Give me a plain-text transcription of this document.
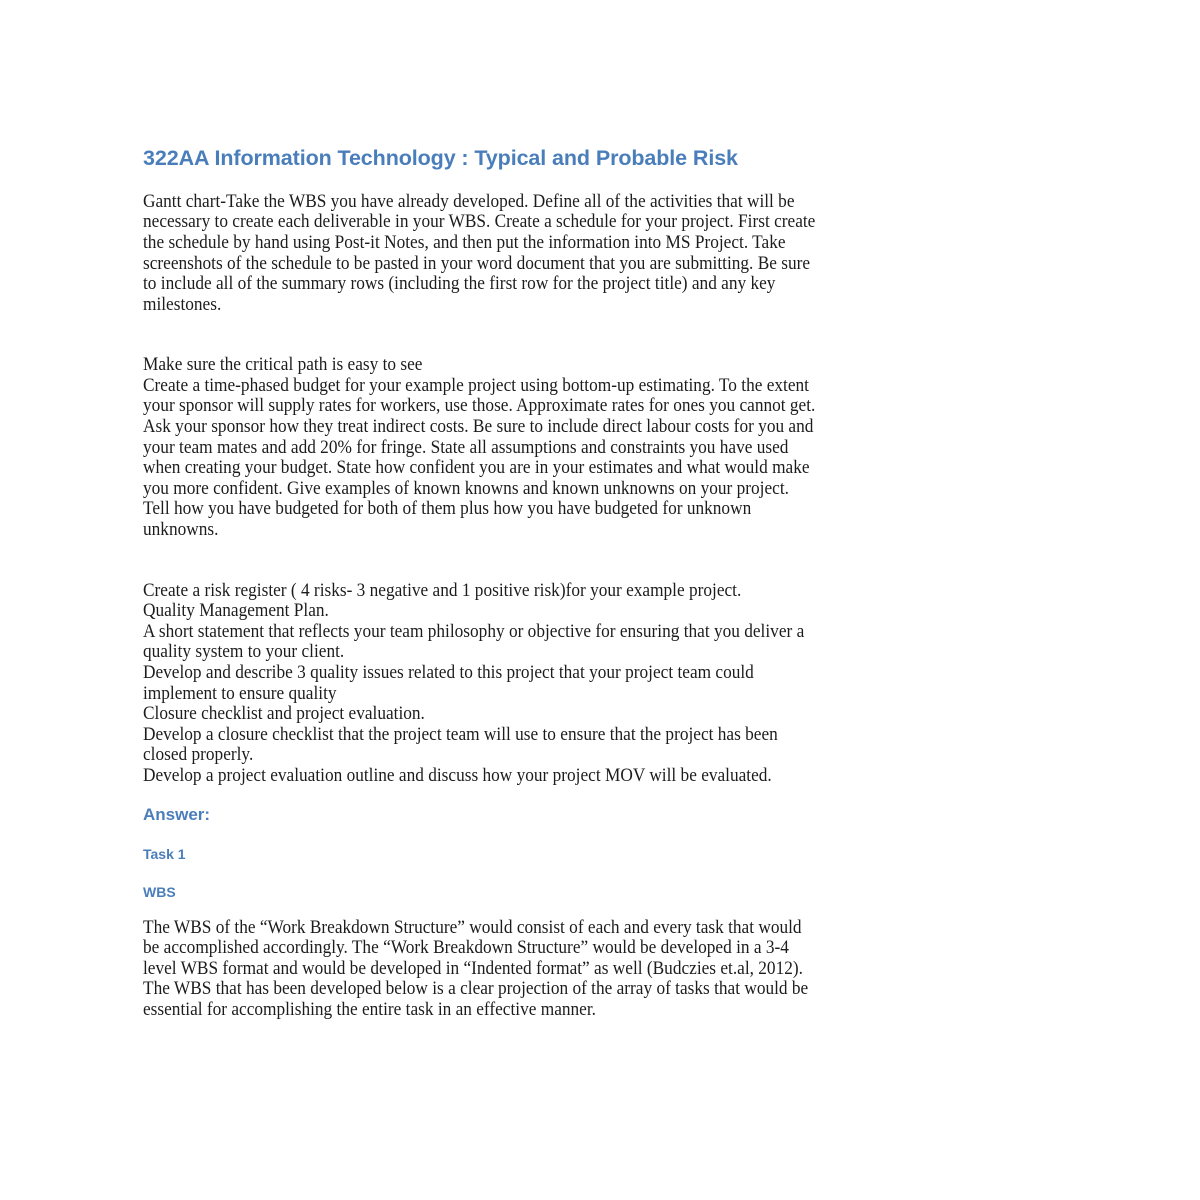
322AA Information Technology : Typical and Probable Risk
Gantt chart-Take the WBS you have already developed. Define all of the activities that will be
necessary to create each deliverable in your WBS. Create a schedule for your project. First create
the schedule by hand using Post-it Notes, and then put the information into MS Project. Take
screenshots of the schedule to be pasted in your word document that you are submitting. Be sure
to include all of the summary rows (including the first row for the project title) and any key
milestones.
Make sure the critical path is easy to see
Create a time-phased budget for your example project using bottom-up estimating. To the extent
your sponsor will supply rates for workers, use those. Approximate rates for ones you cannot get.
Ask your sponsor how they treat indirect costs. Be sure to include direct labour costs for you and
your team mates and add 20% for fringe. State all assumptions and constraints you have used
when creating your budget. State how confident you are in your estimates and what would make
you more confident. Give examples of known knowns and known unknowns on your project.
Tell how you have budgeted for both of them plus how you have budgeted for unknown
unknowns.
Create a risk register ( 4 risks- 3 negative and 1 positive risk)for your example project.
Quality Management Plan.
A short statement that reflects your team philosophy or objective for ensuring that you deliver a
quality system to your client.
Develop and describe 3 quality issues related to this project that your project team could
implement to ensure quality
Closure checklist and project evaluation.
Develop a closure checklist that the project team will use to ensure that the project has been
closed properly.
Develop a project evaluation outline and discuss how your project MOV will be evaluated.
Answer:
Task 1
WBS
The WBS of the “Work Breakdown Structure” would consist of each and every task that would
be accomplished accordingly. The “Work Breakdown Structure” would be developed in a 3-4
level WBS format and would be developed in “Indented format” as well (Budczies et.al, 2012).
The WBS that has been developed below is a clear projection of the array of tasks that would be
essential for accomplishing the entire task in an effective manner.
